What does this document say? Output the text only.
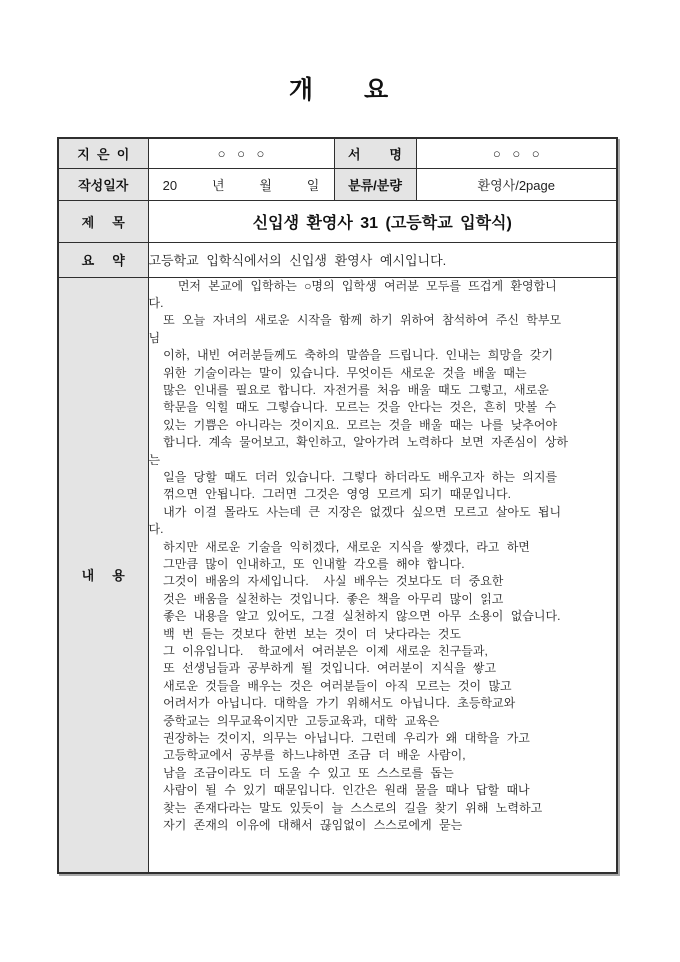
개 요
지  은  이	○ ○ ○	서        명	○ ○ ○
작성일자	20   년   월   일	분류/분량	환영사/2page
제     목	신입생 환영사 31 (고등학교 입학식)		
요     약	고등학교 입학식에서의 신입생 환영사 예시입니다.		
내     용	
먼저 본교에 입학하는 ○명의 입학생 여러분 모두를 뜨겁게 환영합니
다.
또 오늘 자녀의 새로운 시작을 함께 하기 위하여 참석하여 주신 학부모
님
이하, 내빈 여러분들께도 축하의 말씀을 드립니다. 인내는 희망을 갖기
위한 기술이라는 말이 있습니다. 무엇이든 새로운 것을 배울 때는
많은 인내를 필요로 합니다. 자전거를 처음 배울 때도 그렇고, 새로운
학문을 익힐 때도 그렇습니다. 모르는 것을 안다는 것은, 흔히 맛볼 수
있는 기쁨은 아니라는 것이지요. 모르는 것을 배울 때는 나를 낮추어야
합니다. 계속 물어보고, 확인하고, 알아가려 노력하다 보면 자존심이 상하
는
일을 당할 때도 더러 있습니다. 그렇다 하더라도 배우고자 하는 의지를
꺾으면 안됩니다. 그러면 그것은 영영 모르게 되기 때문입니다.
내가 이걸 몰라도 사는데 큰 지장은 없겠다 싶으면 모르고 살아도 됩니
다.
하지만 새로운 기술을 익히겠다, 새로운 지식을 쌓겠다, 라고 하면
그만큼 많이 인내하고, 또 인내할 각오를 해야 합니다.
그것이 배움의 자세입니다.  사실 배우는 것보다도 더 중요한
것은 배움을 실천하는 것입니다. 좋은 책을 아무리 많이 읽고
좋은 내용을 알고 있어도, 그걸 실천하지 않으면 아무 소용이 없습니다.
백 번 듣는 것보다 한번 보는 것이 더 낫다라는 것도
그 이유입니다.  학교에서 여러분은 이제 새로운 친구들과,
또 선생님들과 공부하게 될 것입니다. 여러분이 지식을 쌓고
새로운 것들을 배우는 것은 여러분들이 아직 모르는 것이 많고
어려서가 아닙니다. 대학을 가기 위해서도 아닙니다. 초등학교와
중학교는 의무교육이지만 고등교육과, 대학 교육은
권장하는 것이지, 의무는 아닙니다. 그런데 우리가 왜 대학을 가고
고등학교에서 공부를 하느냐하면 조금 더 배운 사람이,
남을 조금이라도 더 도울 수 있고 또 스스로를 돕는
사람이 될 수 있기 때문입니다. 인간은 원래 물을 때나 답할 때나
찾는 존재다라는 말도 있듯이 늘 스스로의 길을 찾기 위해 노력하고
자기 존재의 이유에 대해서 끊임없이 스스로에게 묻는
